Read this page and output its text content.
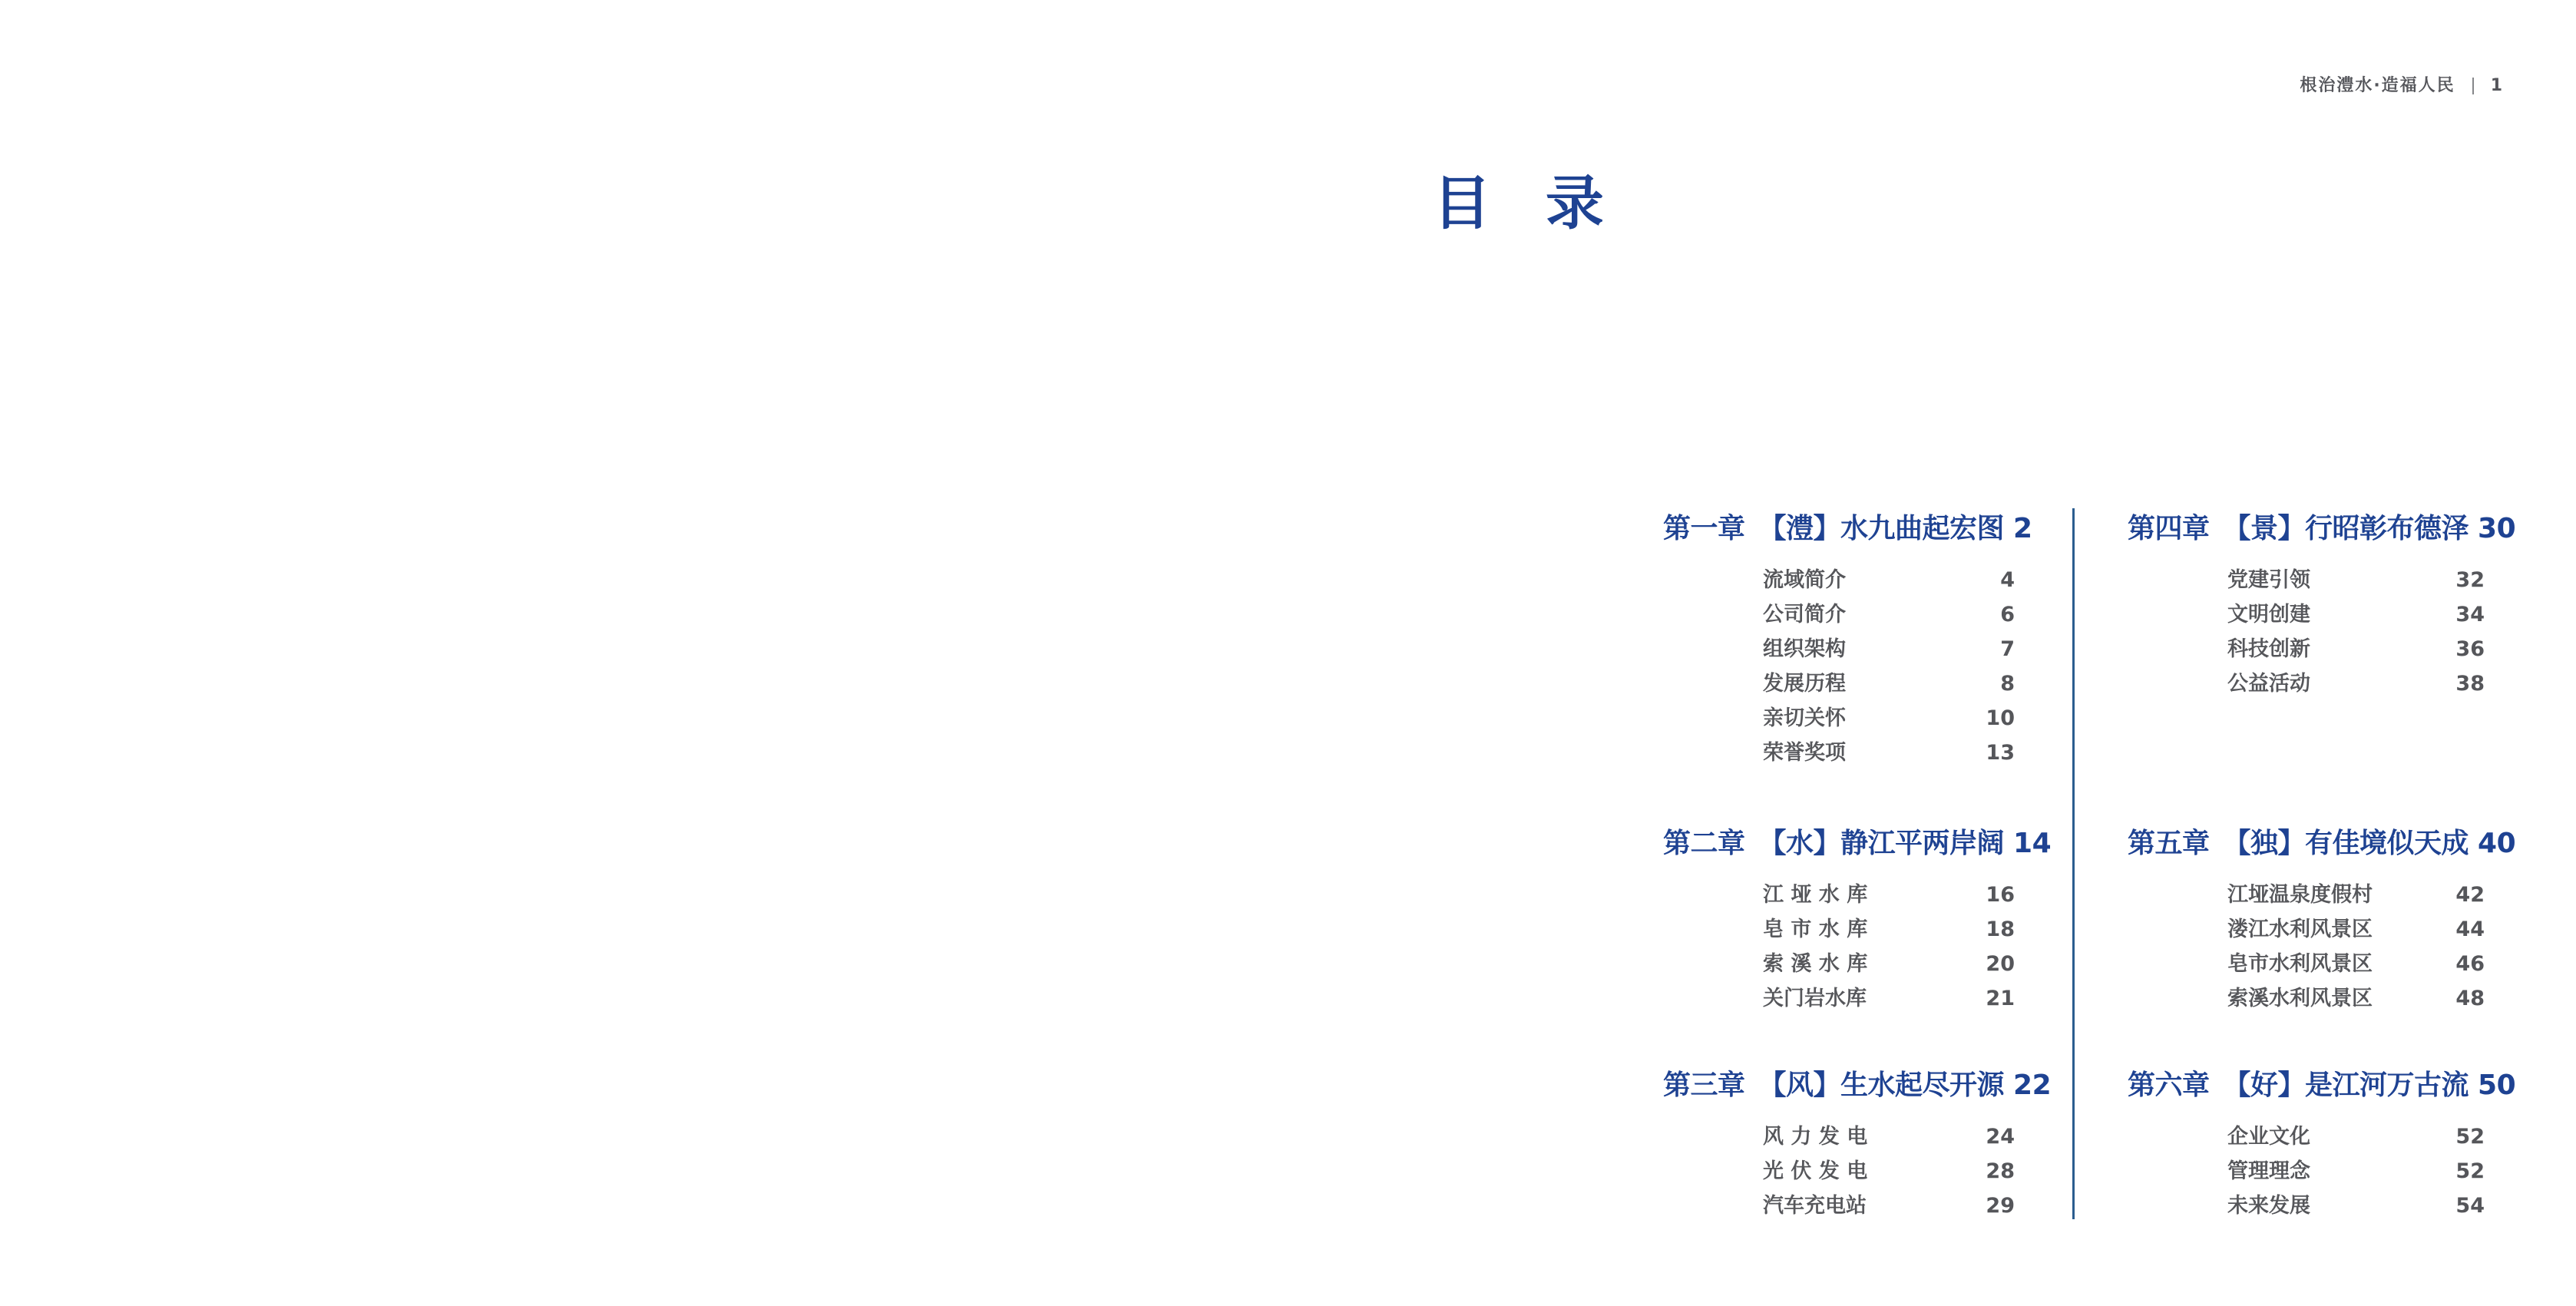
根治澧水·造福人民 1
目  录
第一章 【澧】水九曲起宏图 2
流域简介	4
公司简介	6
组织架构	7
发展历程	8
亲切关怀	10
荣誉奖项	13
第二章 【水】静江平两岸阔 14
江 垭 水 库	16
皂 市 水 库	18
索 溪 水 库	20
关门岩水库	21
第三章 【风】生水起尽开源 22
风 力 发 电	24
光 伏 发 电	28
汽车充电站	29
第四章 【景】行昭彰布德泽 30
党建引领	32
文明创建	34
科技创新	36
公益活动	38
第五章 【独】有佳境似天成 40
江垭温泉度假村	42
溇江水利风景区	44
皂市水利风景区	46
索溪水利风景区	48
第六章 【好】是江河万古流 50
企业文化	52
管理理念	52
未来发展	54
